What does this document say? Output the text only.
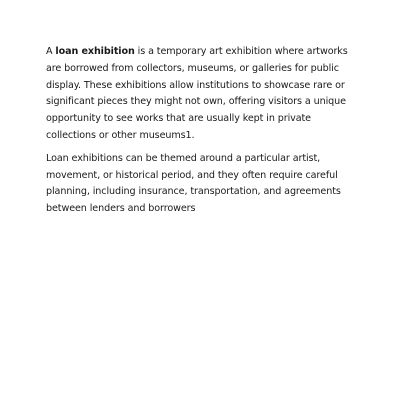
A loan exhibition is a temporary art exhibition where artworks are borrowed from collectors, museums, or galleries for public display. These exhibitions allow institutions to showcase rare or significant pieces they might not own, offering visitors a unique opportunity to see works that are usually kept in private collections or other museums1.

Loan exhibitions can be themed around a particular artist, movement, or historical period, and they often require careful planning, including insurance, transportation, and agreements between lenders and borrowers
